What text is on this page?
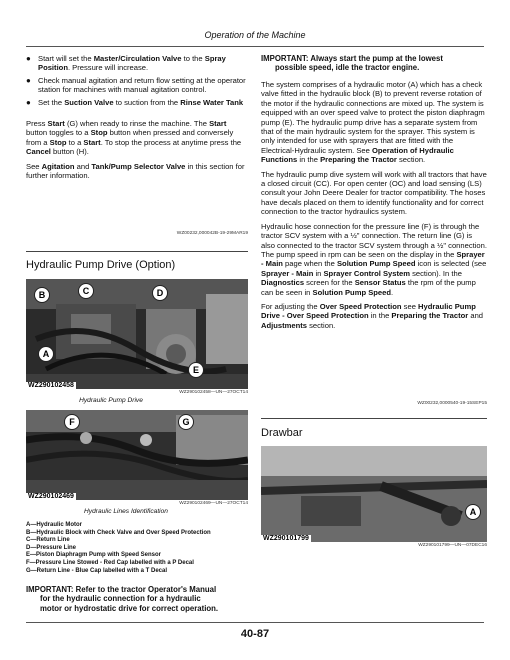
Operation of the Machine
● Start will set the Master/Circulation Valve to the Spray Position. Pressure will increase.
● Check manual agitation and return flow setting at the operator station for machines with manual agitation control.
● Set the Suction Valve to suction from the Rinse Water Tank

Press Start (G) when ready to rinse the machine. The Start button toggles to a Stop button when pressed and conversely from a Stop to a Start. To stop the process at anytime press the Cancel button (H).

See Agitation and Tank/Pump Selector Valve in this section for further information.

WZ00232,000042B-19-29MAR19
Hydraulic Pump Drive (Option)
B	C	D
A
E
WZ290102458
WZ290102458—UN—27OCT14
Hydraulic Pump Drive
F	G
WZ290102469
WZ290102469—UN—27OCT14
Hydraulic Lines Identification
A—Hydraulic Motor
B—Hydraulic Block with Check Valve and Over Speed Protection
C—Return Line
D—Pressure Line
E—Piston Diaphragm Pump with Speed Sensor
F—Pressure Line Stowed - Red Cap labelled with a P Decal
G—Return Line - Blue Cap labelled with a T Decal
IMPORTANT: Refer to the tractor Operator's Manual
for the hydraulic connection for a hydraulic
motor or hydrostatic drive for correct operation.
IMPORTANT: Always start the pump at the lowest
possible speed, idle the tractor engine.

The system comprises of a hydraulic motor (A) which has a check valve fitted in the hydraulic block (B) to prevent reverse rotation of the motor if the hydraulic connections are mixed up. The system is equipped with an over speed valve to protect the piston diaphragm pump (E). The hydraulic pump drive has a separate system from that of the main hydraulic system for the sprayer. This system is only intended for use with sprayers that are fitted with the Electrical-Hydraulic system. See Operation of Hydraulic Functions in the Preparing the Tractor section.

The hydraulic pump dive system will work with all tractors that have a closed circuit (CC). For open center (OC) and load sensing (LS) consult your John Deere Dealer for tractor compatibility. The hoses have decals placed on them to identify functionality and for correct connection to the tractor hydraulics system.

Hydraulic hose connection for the pressure line (F) is through the tractor SCV system with a ½" connection. The return line (G) is also connected to the tractor SCV system through a ½" connection. The pump speed in rpm can be seen on the display in the Sprayer - Main page when the Solution Pump Speed icon is selected (see Sprayer - Main in Sprayer Control System section). In the Diagnostics screen for the Sensor Status the rpm of the pump can be seen in Solution Pump Speed.

For adjusting the Over Speed Protection see Hydraulic Pump Drive - Over Speed Protection in the Preparing the Tractor and Adjustments section.

WZ00232,0000540-19-15SEP15
Drawbar
A
WZ290101799
WZ290101799—UN—07DEC16
40-87
